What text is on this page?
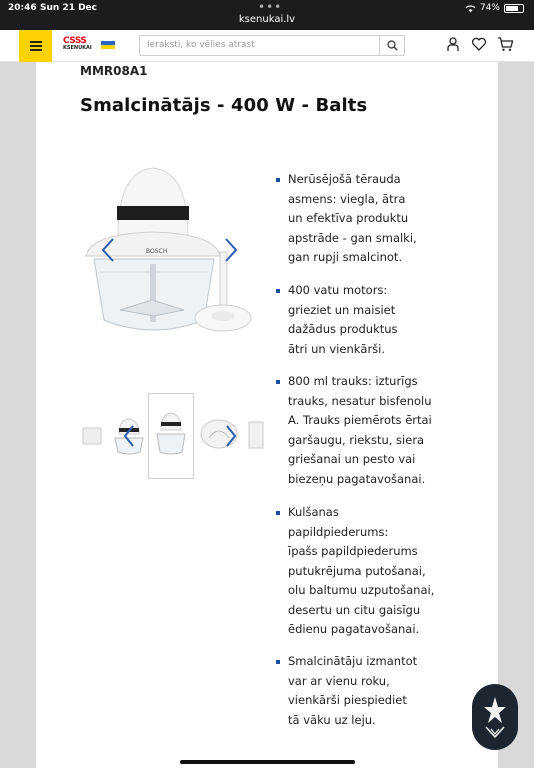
20:46 Sun 21 Dec	•••
ksenukai.lv
74%
CSSS
KSENUKAI	Ieraksti, ko vēlies atrast
MMR08A1
Smalcinātājs - 400 W - Balts
BOSCH
Nerūsējošā tērauda
asmens: viegla, ātra
un efektīva produktu
apstrāde - gan smalki,
gan rupji smalcinot.
400 vatu motors:
grieziet un maisiet
dažādus produktus
ātri un vienkārši.
800 ml trauks: izturīgs
trauks, nesatur bisfenolu
A. Trauks piemērots ērtai
garšaugu, riekstu, siera
griešanai un pesto vai
biezeņu pagatavošanai.
Kulšanas
papildpiederums:
īpašs papildpiederums
putukrējuma putošanai,
olu baltumu uzputošanai,
desertu un citu gaisīgu
ēdienu pagatavošanai.
Smalcinātāju izmantot
var ar vienu roku,
vienkārši piespiediet
tā vāku uz leju.
